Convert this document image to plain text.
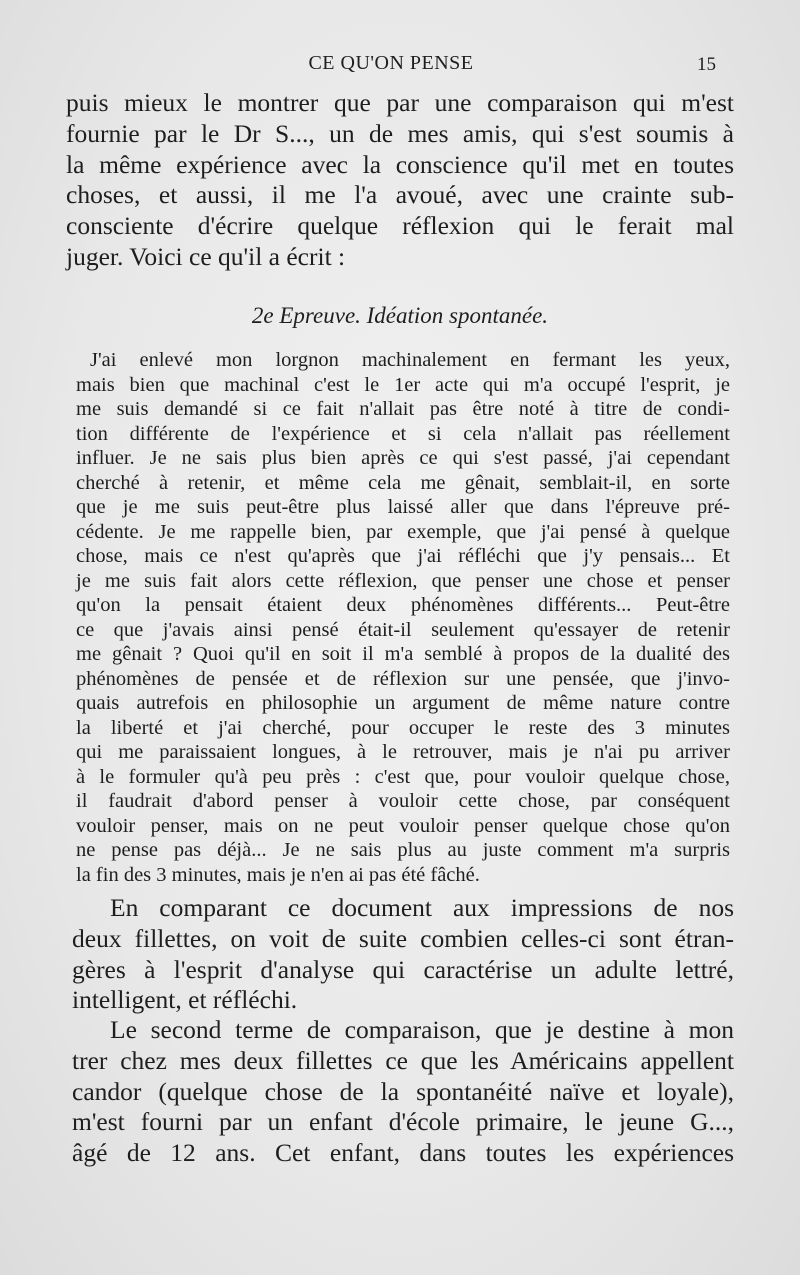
CE QU'ON PENSE	15
puis mieux le montrer que par une comparaison qui m'est
fournie par le Dr S..., un de mes amis, qui s'est soumis à
la même expérience avec la conscience qu'il met en toutes
choses, et aussi, il me l'a avoué, avec une crainte sub-
consciente d'écrire quelque réflexion qui le ferait mal
juger. Voici ce qu'il a écrit :
2e Epreuve. Idéation spontanée.
J'ai enlevé mon lorgnon machinalement en fermant les yeux,
mais bien que machinal c'est le 1er acte qui m'a occupé l'esprit, je
me suis demandé si ce fait n'allait pas être noté à titre de condi-
tion différente de l'expérience et si cela n'allait pas réellement
influer. Je ne sais plus bien après ce qui s'est passé, j'ai cependant
cherché à retenir, et même cela me gênait, semblait-il, en sorte
que je me suis peut-être plus laissé aller que dans l'épreuve pré-
cédente. Je me rappelle bien, par exemple, que j'ai pensé à quelque
chose, mais ce n'est qu'après que j'ai réfléchi que j'y pensais... Et
je me suis fait alors cette réflexion, que penser une chose et penser
qu'on la pensait étaient deux phénomènes différents... Peut-être
ce que j'avais ainsi pensé était-il seulement qu'essayer de retenir
me gênait ? Quoi qu'il en soit il m'a semblé à propos de la dualité des
phénomènes de pensée et de réflexion sur une pensée, que j'invo-
quais autrefois en philosophie un argument de même nature contre
la liberté et j'ai cherché, pour occuper le reste des 3 minutes
qui me paraissaient longues, à le retrouver, mais je n'ai pu arriver
à le formuler qu'à peu près : c'est que, pour vouloir quelque chose,
il faudrait d'abord penser à vouloir cette chose, par conséquent
vouloir penser, mais on ne peut vouloir penser quelque chose qu'on
ne pense pas déjà... Je ne sais plus au juste comment m'a surpris
la fin des 3 minutes, mais je n'en ai pas été fâché.
En comparant ce document aux impressions de nos
deux fillettes, on voit de suite combien celles-ci sont étran-
gères à l'esprit d'analyse qui caractérise un adulte lettré,
intelligent, et réfléchi.
Le second terme de comparaison, que je destine à mon
trer chez mes deux fillettes ce que les Américains appellent
candor (quelque chose de la spontanéité naïve et loyale),
m'est fourni par un enfant d'école primaire, le jeune G...,
âgé de 12 ans. Cet enfant, dans toutes les expériences
